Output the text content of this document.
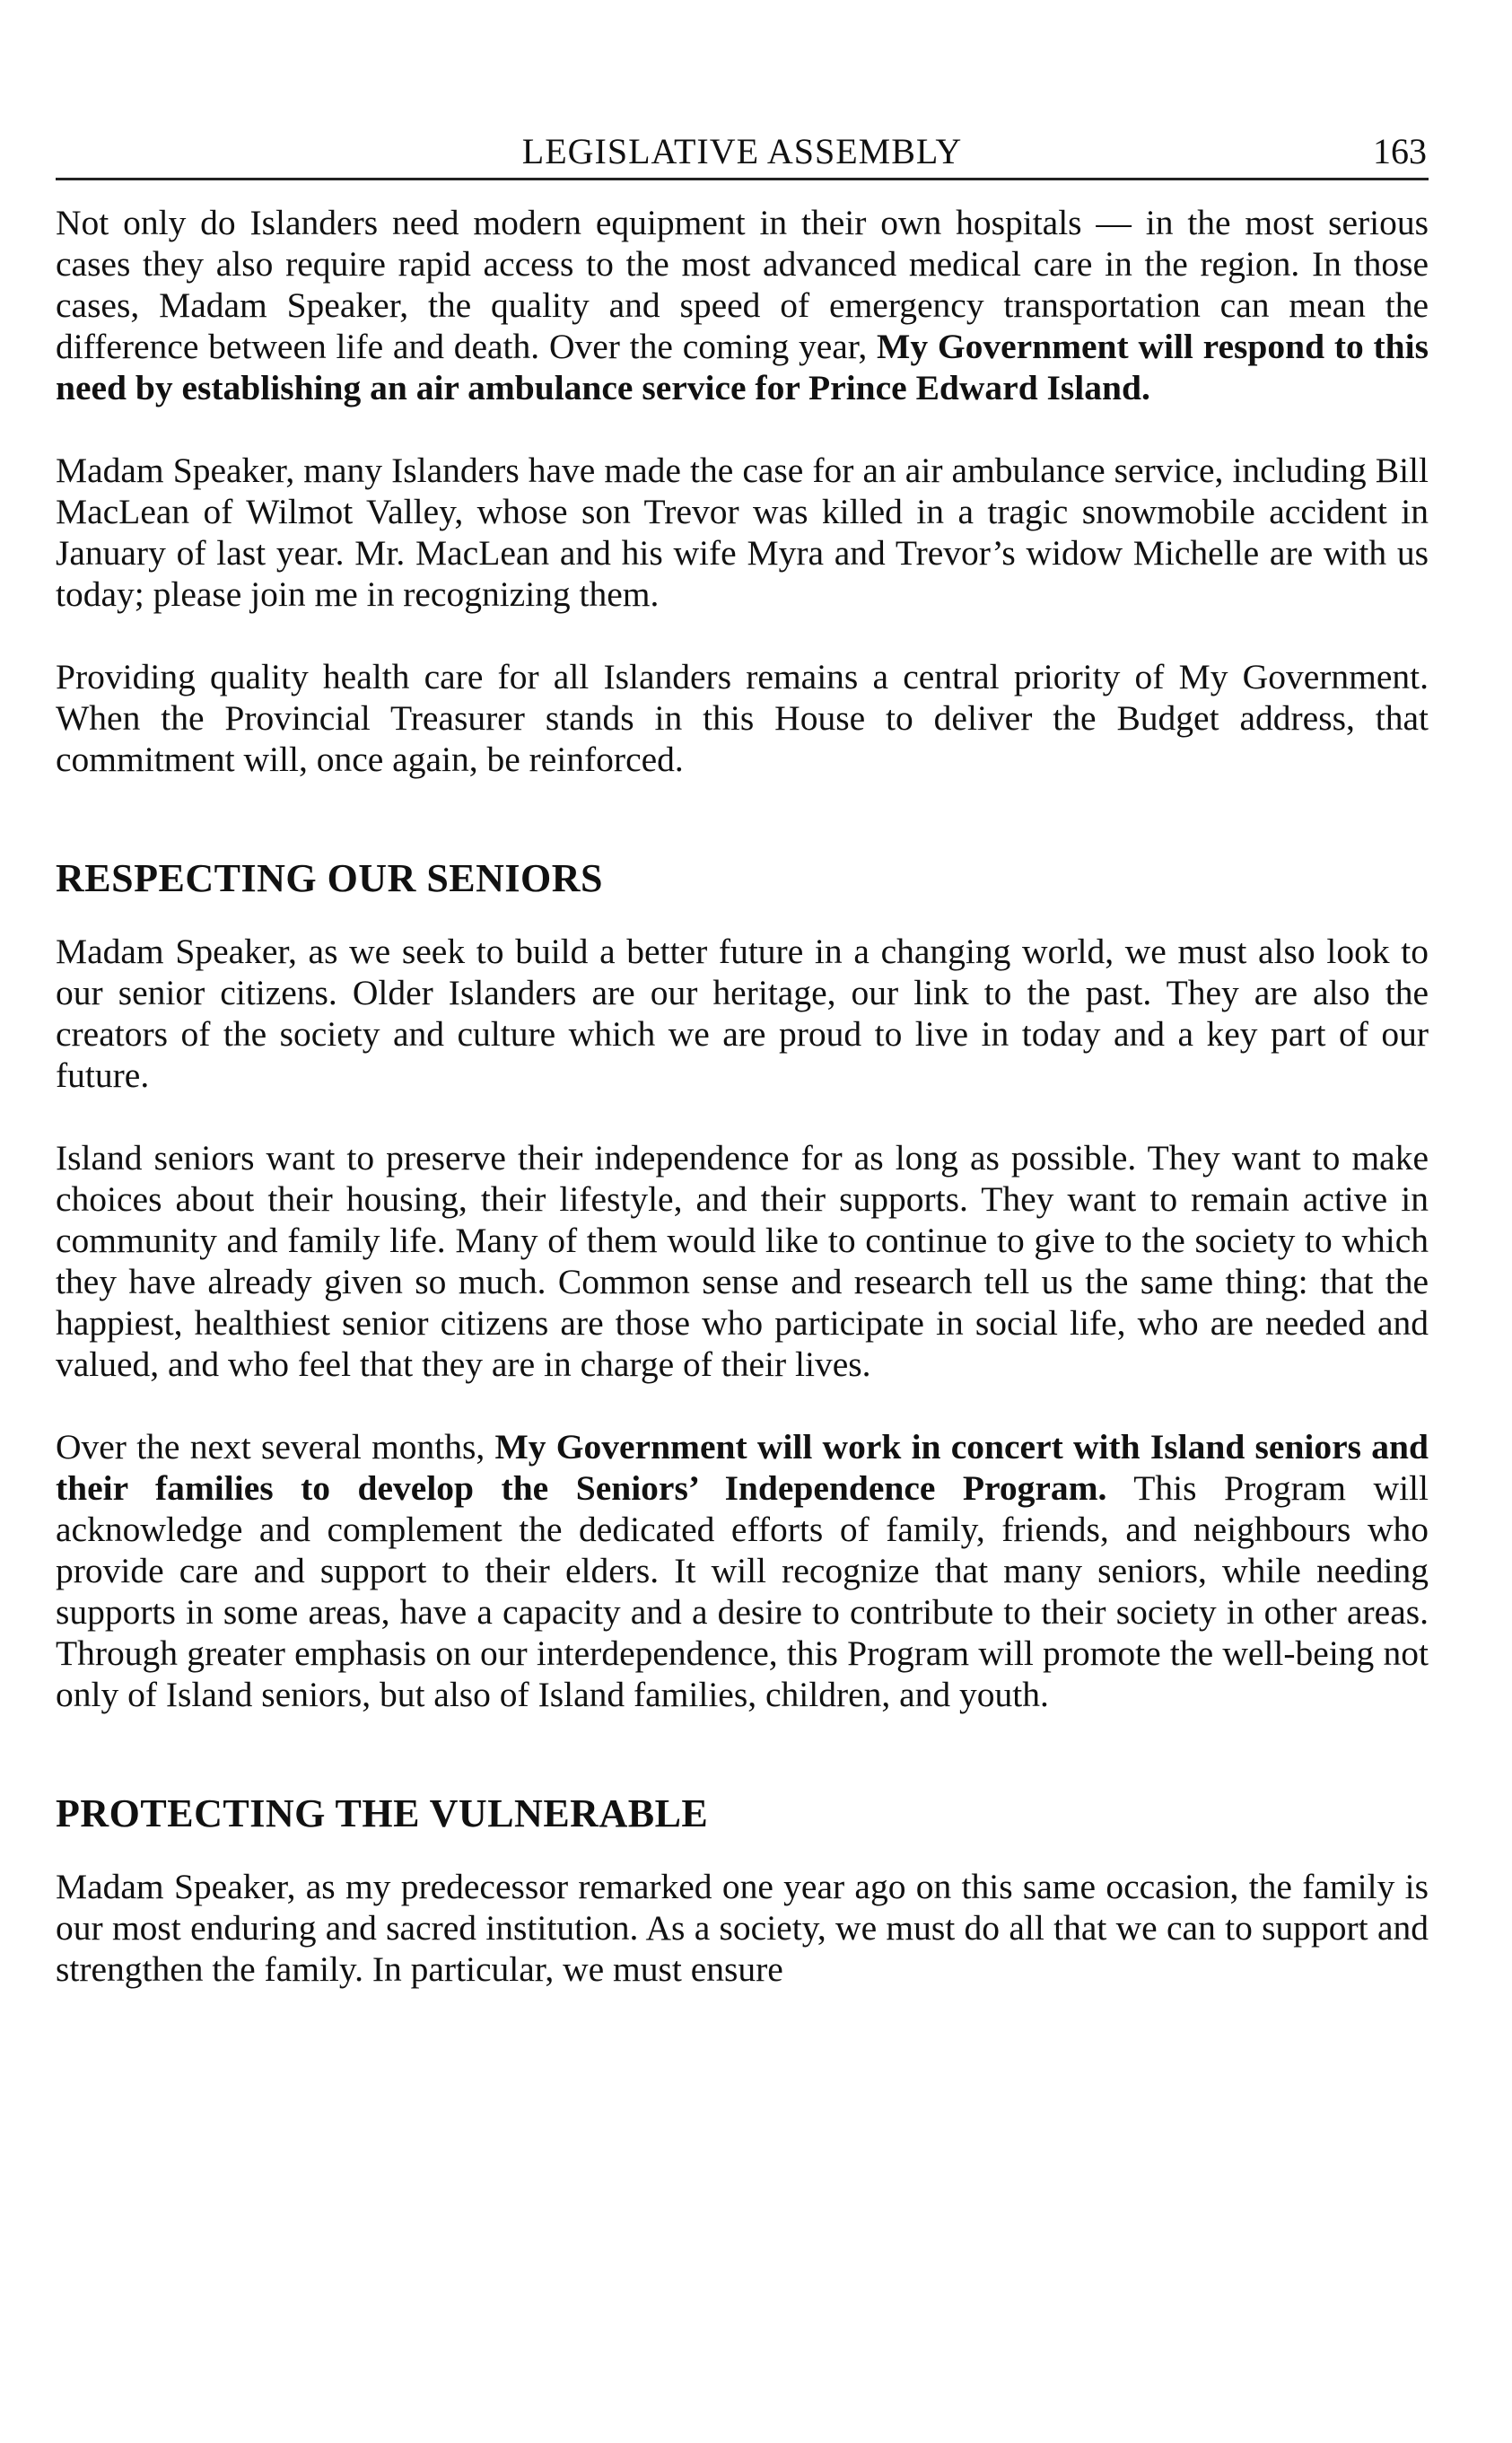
LEGISLATIVE ASSEMBLY	163

Not only do Islanders need modern equipment in their own hospitals — in the most serious cases they also require rapid access to the most advanced medical care in the region. In those cases, Madam Speaker, the quality and speed of emergency transportation can mean the difference between life and death. Over the coming year, My Government will respond to this need by establishing an air ambulance service for Prince Edward Island.

Madam Speaker, many Islanders have made the case for an air ambulance service, including Bill MacLean of Wilmot Valley, whose son Trevor was killed in a tragic snowmobile accident in January of last year. Mr. MacLean and his wife Myra and Trevor’s widow Michelle are with us today; please join me in recognizing them.

Providing quality health care for all Islanders remains a central priority of My Government. When the Provincial Treasurer stands in this House to deliver the Budget address, that commitment will, once again, be reinforced.

RESPECTING OUR SENIORS

Madam Speaker, as we seek to build a better future in a changing world, we must also look to our senior citizens. Older Islanders are our heritage, our link to the past. They are also the creators of the society and culture which we are proud to live in today and a key part of our future.

Island seniors want to preserve their independence for as long as possible. They want to make choices about their housing, their lifestyle, and their supports. They want to remain active in community and family life. Many of them would like to continue to give to the society to which they have already given so much. Common sense and research tell us the same thing: that the happiest, healthiest senior citizens are those who participate in social life, who are needed and valued, and who feel that they are in charge of their lives.

Over the next several months, My Government will work in concert with Island seniors and their families to develop the Seniors’ Independence Program. This Program will acknowledge and complement the dedicated efforts of family, friends, and neighbours who provide care and support to their elders. It will recognize that many seniors, while needing supports in some areas, have a capacity and a desire to contribute to their society in other areas. Through greater emphasis on our interdependence, this Program will promote the well-being not only of Island seniors, but also of Island families, children, and youth.

PROTECTING THE VULNERABLE

Madam Speaker, as my predecessor remarked one year ago on this same occasion, the family is our most enduring and sacred institution. As a society, we must do all that we can to support and strengthen the family. In particular, we must ensure
